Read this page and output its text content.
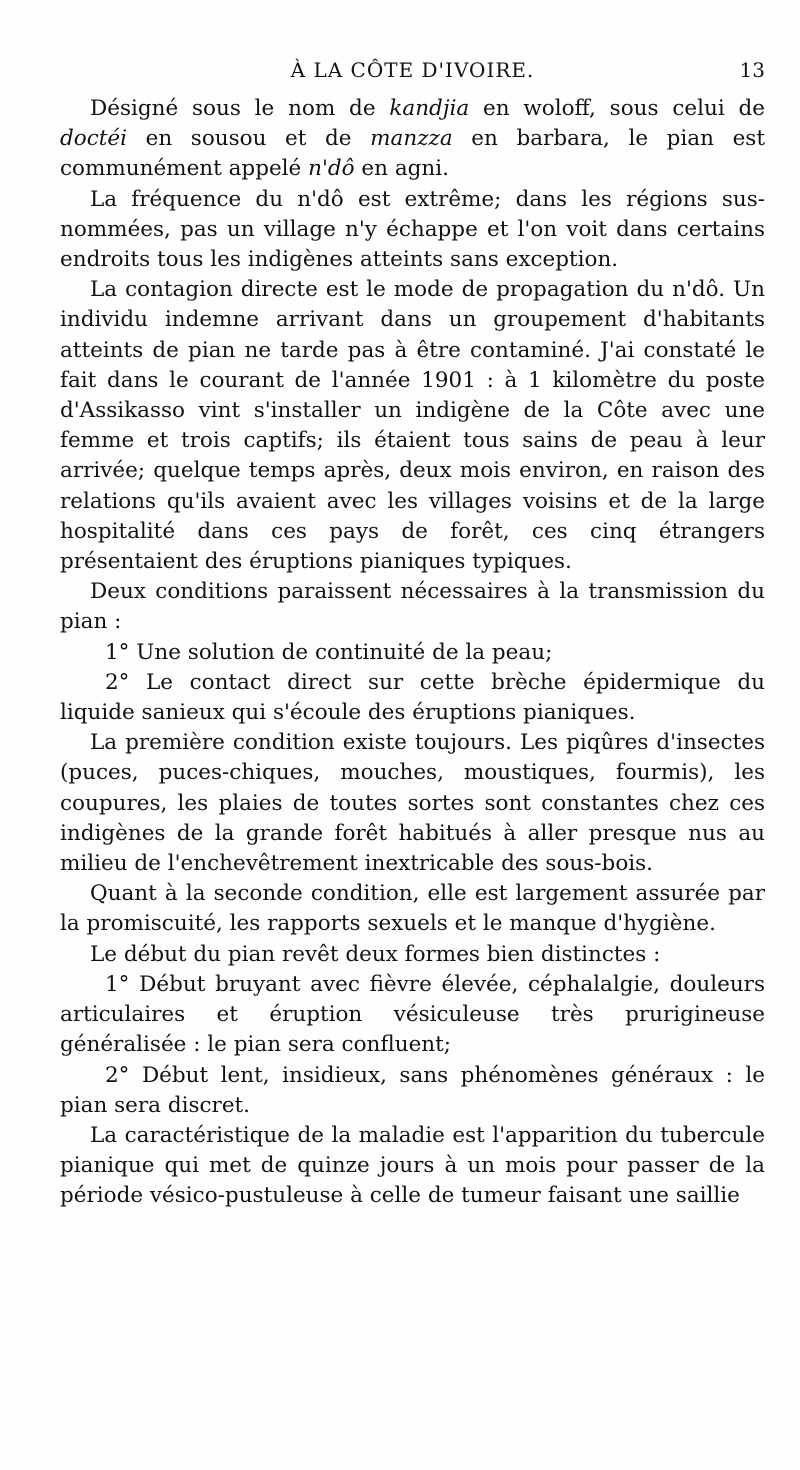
À LA CÔTE D'IVOIRE.	13

Désigné sous le nom de kandjia en woloff, sous celui de doctéi en sousou et de manzza en barbara, le pian est communément appelé n'dô en agni.

La fréquence du n'dô est extrême; dans les régions sus-nommées, pas un village n'y échappe et l'on voit dans certains endroits tous les indigènes atteints sans exception.

La contagion directe est le mode de propagation du n'dô. Un individu indemne arrivant dans un groupement d'habitants atteints de pian ne tarde pas à être contaminé. J'ai constaté le fait dans le courant de l'année 1901 : à 1 kilomètre du poste d'Assikasso vint s'installer un indigène de la Côte avec une femme et trois captifs; ils étaient tous sains de peau à leur arrivée; quelque temps après, deux mois environ, en raison des relations qu'ils avaient avec les villages voisins et de la large hospitalité dans ces pays de forêt, ces cinq étrangers présentaient des éruptions pianiques typiques.

Deux conditions paraissent nécessaires à la transmission du pian :

1° Une solution de continuité de la peau;

2° Le contact direct sur cette brèche épidermique du liquide sanieux qui s'écoule des éruptions pianiques.

La première condition existe toujours. Les piqûres d'insectes (puces, puces-chiques, mouches, moustiques, fourmis), les coupures, les plaies de toutes sortes sont constantes chez ces indigènes de la grande forêt habitués à aller presque nus au milieu de l'enchevêtrement inextricable des sous-bois.

Quant à la seconde condition, elle est largement assurée par la promiscuité, les rapports sexuels et le manque d'hygiène.

Le début du pian revêt deux formes bien distinctes :

1° Début bruyant avec fièvre élevée, céphalalgie, douleurs articulaires et éruption vésiculeuse très prurigineuse généralisée : le pian sera confluent;

2° Début lent, insidieux, sans phénomènes généraux : le pian sera discret.

La caractéristique de la maladie est l'apparition du tubercule pianique qui met de quinze jours à un mois pour passer de la période vésico-pustuleuse à celle de tumeur faisant une saillie
